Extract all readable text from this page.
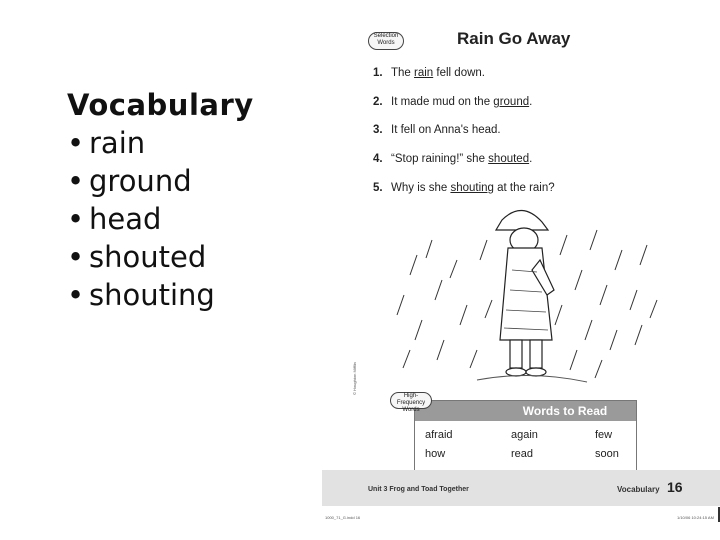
Vocabulary
• rain
• ground
• head
• shouted
• shouting
Selection
Words	Rain Go Away
1. The rain fell down.
2. It made mud on the ground.
3. It fell on Anna's head.
4. “Stop raining!” she shouted.
5. Why is she shouting at the rain?
© Houghton Mifflin
Words to Read
afraid	again	few
how	read	soon
High-Frequency
Words
Unit 3 Frog and Toad Together	Vocabulary 16
1000_71_G.indd 16	1/10/06 10:24:15 AM
